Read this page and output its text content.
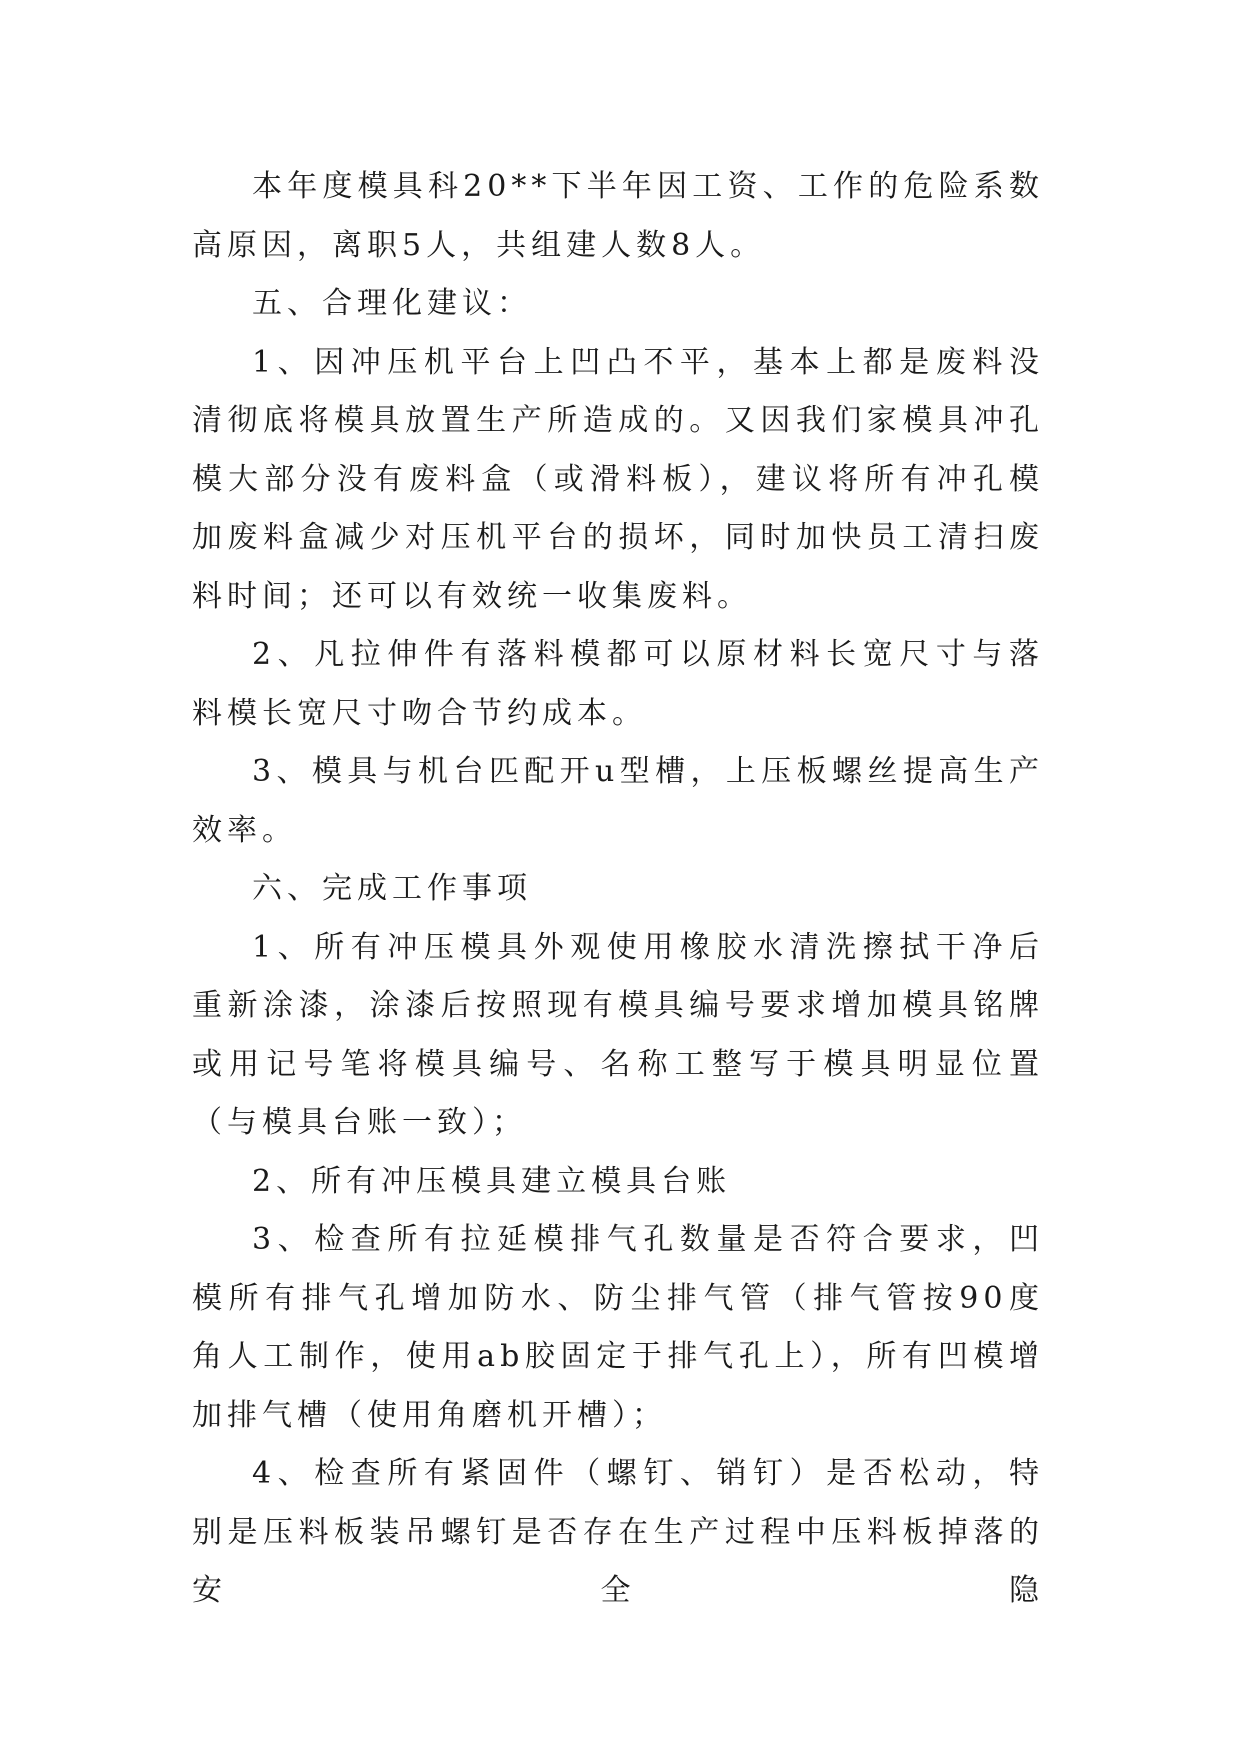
本年度模具科20**下半年因工资、工作的危险系数高原因，离职5人，共组建人数8人。

五、合理化建议：

1、因冲压机平台上凹凸不平，基本上都是废料没清彻底将模具放置生产所造成的。又因我们家模具冲孔模大部分没有废料盒（或滑料板），建议将所有冲孔模加废料盒减少对压机平台的损坏，同时加快员工清扫废料时间；还可以有效统一收集废料。

2、凡拉伸件有落料模都可以原材料长宽尺寸与落料模长宽尺寸吻合节约成本。

3、模具与机台匹配开u型槽，上压板螺丝提高生产效率。

六、完成工作事项

1、所有冲压模具外观使用橡胶水清洗擦拭干净后重新涂漆，涂漆后按照现有模具编号要求增加模具铭牌或用记号笔将模具编号、名称工整写于模具明显位置（与模具台账一致）；

2、所有冲压模具建立模具台账

3、检查所有拉延模排气孔数量是否符合要求，凹模所有排气孔增加防水、防尘排气管（排气管按90度角人工制作，使用ab胶固定于排气孔上），所有凹模增加排气槽（使用角磨机开槽）；

4、检查所有紧固件（螺钉、销钉）是否松动，特别是压料板装吊螺钉是否存在生产过程中压料板掉落的安全隐
